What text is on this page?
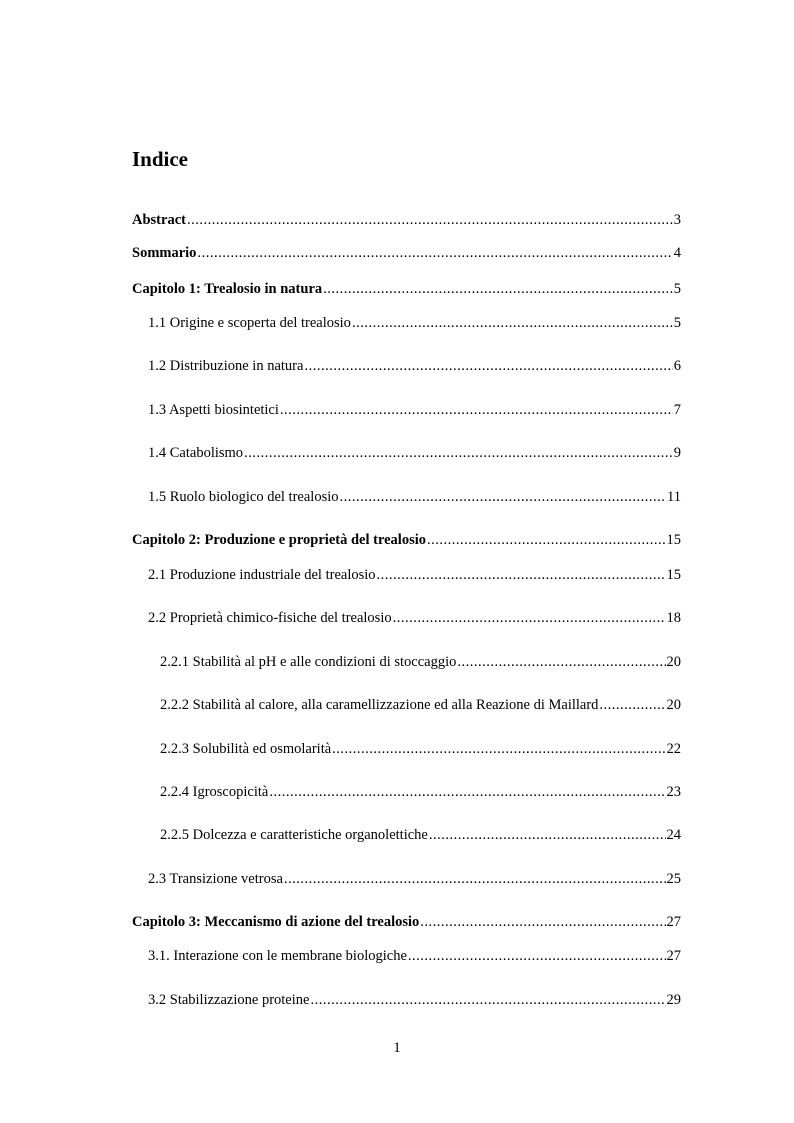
Indice
Abstract .....	3
Sommario .....	4
Capitolo 1: Trealosio in natura .....	5
1.1 Origine e scoperta del trealosio .....	5
1.2 Distribuzione in natura .....	6
1.3 Aspetti biosintetici .....	7
1.4 Catabolismo .....	9
1.5 Ruolo biologico del trealosio .....	11
Capitolo 2: Produzione e proprietà del trealosio .....	15
2.1 Produzione industriale del trealosio .....	15
2.2 Proprietà chimico-fisiche del trealosio .....	18
2.2.1 Stabilità al pH e alle condizioni di stoccaggio .....	20
2.2.2 Stabilità al calore, alla caramellizzazione ed alla Reazione di Maillard .....	20
2.2.3 Solubilità ed osmolarità .....	22
2.2.4 Igroscopicità .....	23
2.2.5 Dolcezza e caratteristiche organolettiche .....	24
2.3 Transizione vetrosa .....	25
Capitolo 3: Meccanismo di azione del trealosio .....	27
3.1. Interazione con le membrane biologiche .....	27
3.2 Stabilizzazione proteine .....	29
1
